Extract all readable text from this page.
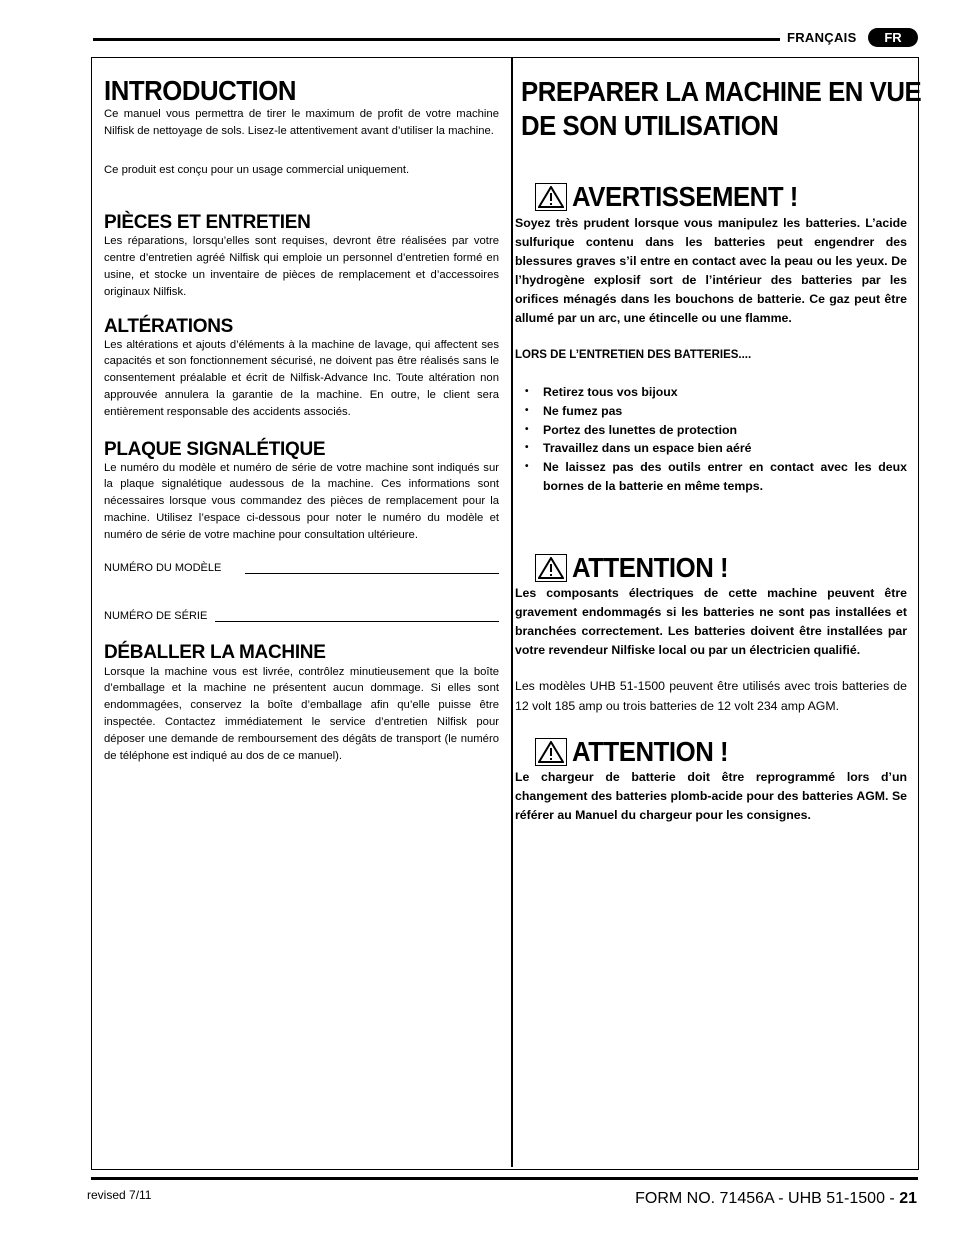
FRANÇAIS	FR
INTRODUCTION

Ce manuel vous permettra de tirer le maximum de profit de votre machine Nilfisk de nettoyage de sols. Lisez-le attentivement avant d’utiliser la machine.

Ce produit est conçu pour un usage commercial uniquement.

PIÈCES ET ENTRETIEN

Les réparations, lorsqu’elles sont requises, devront être réalisées par votre centre d’entretien agréé Nilfisk qui emploie un personnel d’entretien formé en usine, et stocke un inventaire de pièces de remplacement et d’accessoires originaux Nilfisk.

ALTÉRATIONS

Les altérations et ajouts d’éléments à la machine de lavage, qui affectent ses capacités et son fonctionnement sécurisé, ne doivent pas être réalisés sans le consentement préalable et écrit de Nilfisk-Advance Inc. Toute altération non approuvée annulera la garantie de la machine. En outre, le client sera entièrement responsable des accidents associés.

PLAQUE SIGNALÉTIQUE

Le numéro du modèle et numéro de série de votre machine sont indiqués sur la plaque signalétique audessous de la machine. Ces informations sont nécessaires lorsque vous commandez des pièces de remplacement pour la machine. Utilisez l’espace ci-dessous pour noter le numéro du modèle et numéro de série de votre machine pour consultation ultérieure.

NUMÉRO DU MODÈLE
NUMÉRO DE SÉRIE
DÉBALLER LA MACHINE

Lorsque la machine vous est livrée, contrôlez minutieusement que la boîte d’emballage et la machine ne présentent aucun dommage. Si elles sont endommagées, conservez la boîte d’emballage afin qu’elle puisse être inspectée. Contactez immédiatement le service d’entretien Nilfisk pour déposer une demande de remboursement des dégâts de transport (le numéro de téléphone est indiqué au dos de ce manuel).

PREPARER LA MACHINE EN VUE
DE SON UTILISATION
AVERTISSEMENT !

Soyez très prudent lorsque vous manipulez les batteries. L’acide sulfurique contenu dans les batteries peut engendrer des blessures graves s’il entre en contact avec la peau ou les yeux. De l’hydrogène explosif sort de l’intérieur des batteries par les orifices ménagés dans les bouchons de batterie. Ce gaz peut être allumé par un arc, une étincelle ou une flamme.

LORS DE L’ENTRETIEN DES BATTERIES....

• Retirez tous vos bijoux
• Ne fumez pas
• Portez des lunettes de protection
• Travaillez dans un espace bien aéré
• Ne laissez pas des outils entrer en contact avec les deux bornes de la batterie en même temps.
ATTENTION !

Les composants électriques de cette machine peuvent être gravement endommagés si les batteries ne sont pas installées et branchées correctement. Les batteries doivent être installées par votre revendeur Nilfiske local ou par un électricien qualifié.

Les modèles UHB 51-1500 peuvent être utilisés avec trois batteries de 12 volt 185 amp ou trois batteries de 12 volt 234 amp AGM.

ATTENTION !

Le chargeur de batterie doit être reprogrammé lors d’un changement des batteries plomb-acide pour des batteries AGM. Se référer au Manuel du chargeur pour les consignes.

revised 7/11	FORM NO. 71456A - UHB 51-1500 - 21
